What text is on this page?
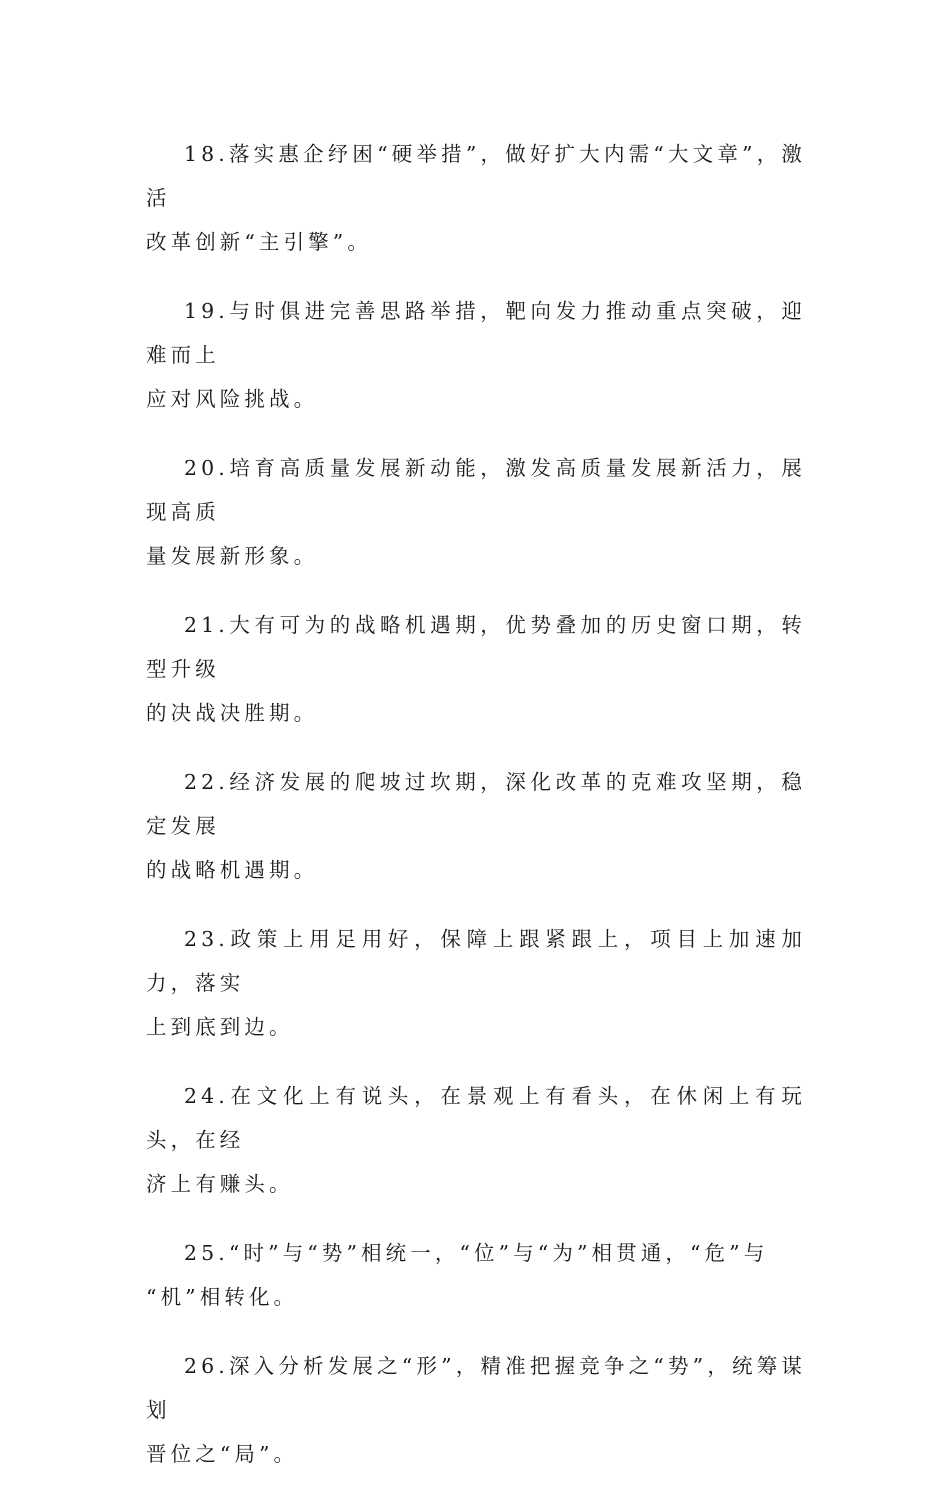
18.落实惠企纾困“硬举措”，做好扩大内需“大文章”，激活
改革创新“主引擎”。

19.与时俱进完善思路举措，靶向发力推动重点突破，迎难而上
应对风险挑战。

20.培育高质量发展新动能，激发高质量发展新活力，展现高质
量发展新形象。

21.大有可为的战略机遇期，优势叠加的历史窗口期，转型升级
的决战决胜期。

22.经济发展的爬坡过坎期，深化改革的克难攻坚期，稳定发展
的战略机遇期。

23.政策上用足用好，保障上跟紧跟上，项目上加速加力，落实
上到底到边。

24.在文化上有说头，在景观上有看头，在休闲上有玩头，在经
济上有赚头。

25.“时”与“势”相统一，“位”与“为”相贯通，“危”与
“机”相转化。

26.深入分析发展之“形”，精准把握竞争之“势”，统筹谋划
晋位之“局”。
